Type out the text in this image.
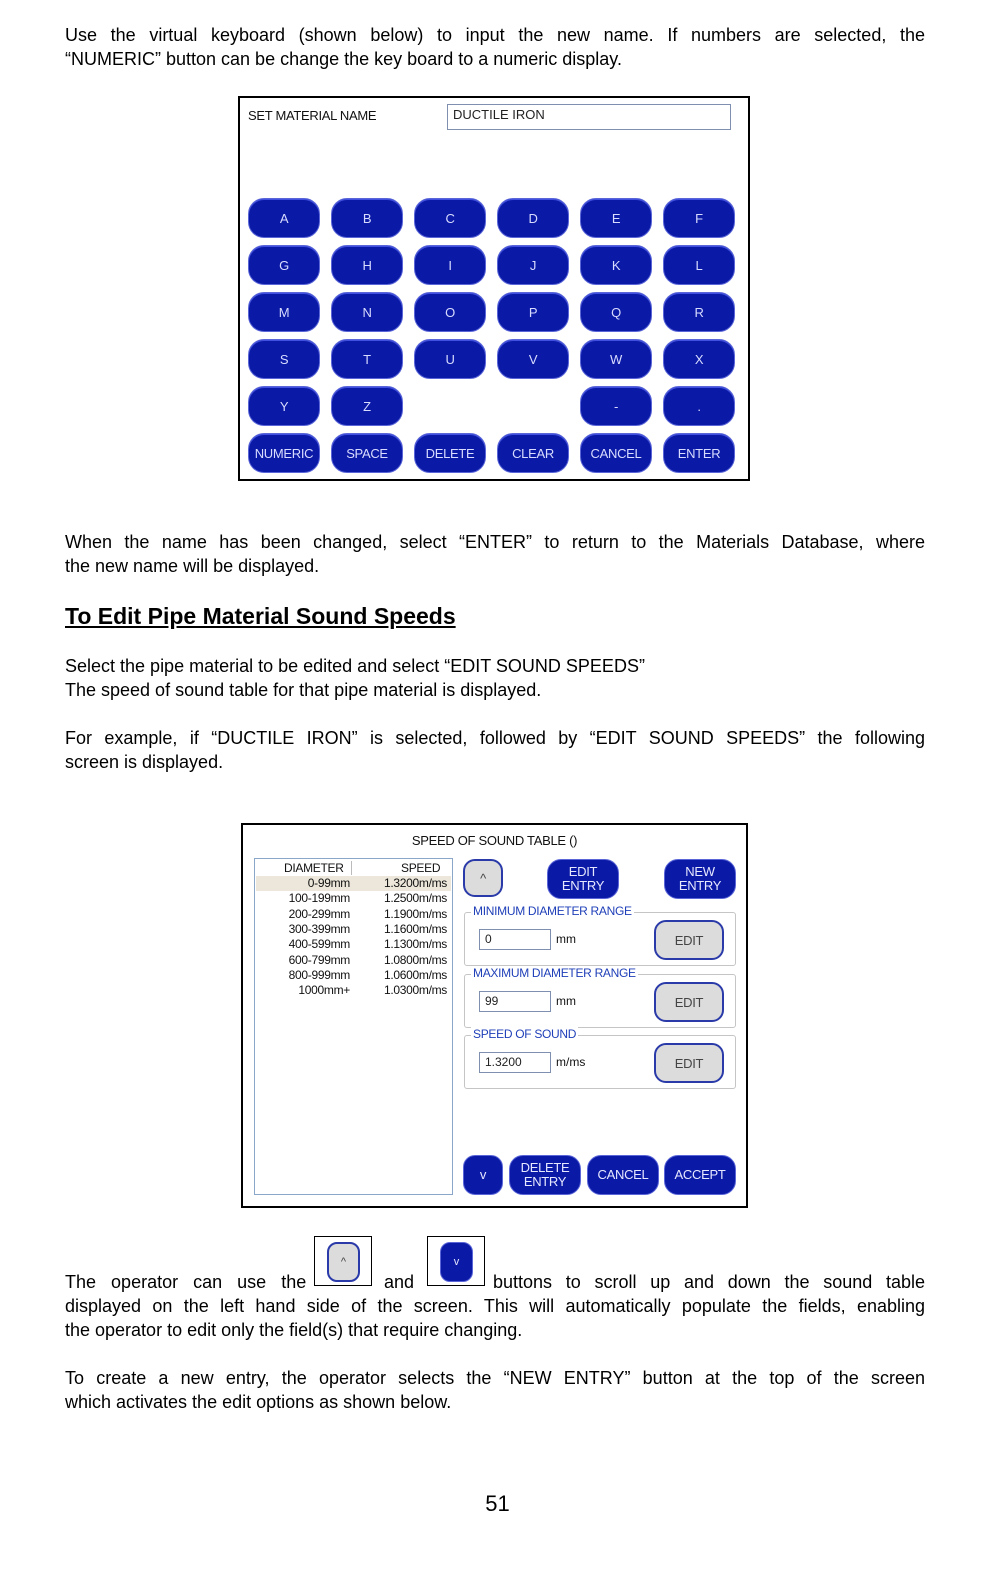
Use the virtual keyboard (shown below) to input the new name. If numbers are selected, the
“NUMERIC” button can be change the key board to a numeric display.
SET MATERIAL NAME	DUCTILE IRON
A	B	C	D	E	F
G	H	I	J	K	L
M	N	O	P	Q	R
S	T	U	V	W	X
Y	Z	-	.
NUMERIC	SPACE	DELETE	CLEAR	CANCEL	ENTER
When the name has been changed, select “ENTER” to return to the Materials Database, where
the new name will be displayed.
To Edit Pipe Material Sound Speeds
Select the pipe material to be edited and select “EDIT SOUND SPEEDS”
The speed of sound table for that pipe material is displayed.
For example, if “DUCTILE IRON” is selected, followed by “EDIT SOUND SPEEDS” the following
screen is displayed.
SPEED OF SOUND TABLE ()
DIAMETER	SPEED
0-99mm	1.3200m/ms
100-199mm	1.2500m/ms
200-299mm	1.1900m/ms
300-399mm	1.1600m/ms
400-599mm	1.1300m/ms
600-799mm	1.0800m/ms
800-999mm	1.0600m/ms
1000mm+	1.0300m/ms
^	EDIT
ENTRY
NEW
ENTRY
MINIMUM DIAMETER RANGE
0	mm	EDIT
MAXIMUM DIAMETER RANGE
99	mm	EDIT
SPEED OF SOUND
1.3200	m/ms	EDIT
v	DELETE
ENTRY	CANCEL	ACCEPT
The operator can use the
^
and
v
buttons  to  scroll  up  and  down  the  sound  table
displayed on the left hand side of the screen. This will automatically populate the fields, enabling
the operator to edit only the field(s) that require changing.
To create a new entry, the operator selects the “NEW ENTRY” button at the top of the screen
which activates the edit options as shown below.
51
